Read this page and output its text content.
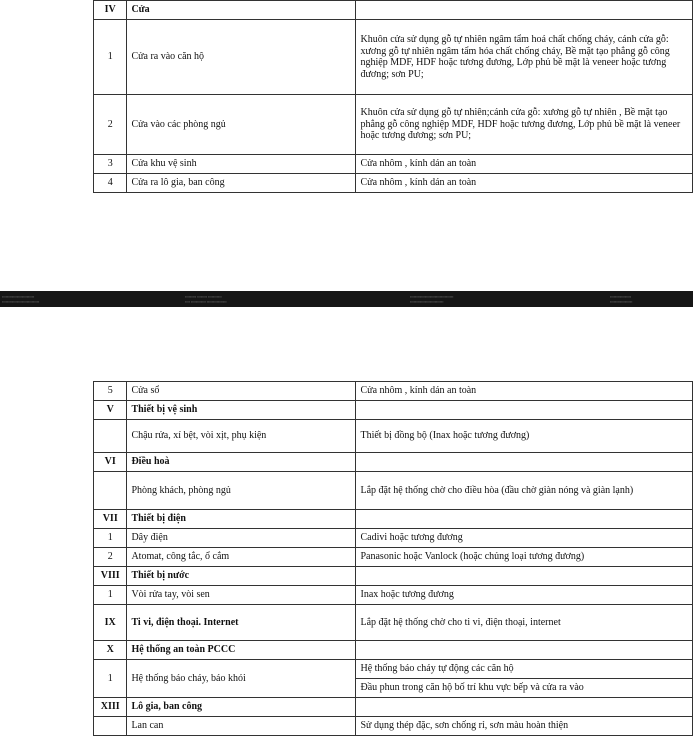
IV	Cửa	
1	Cửa ra vào căn hộ	Khuôn cửa sử dụng gỗ tự nhiên ngâm tẩm hoá chất chống cháy, cánh cửa gỗ: xương gỗ tự nhiên ngâm tẩm hóa chất chống cháy, Bề mặt tạo phẳng gỗ công nghiệp MDF, HDF hoặc tương đương, Lớp phủ bề mặt là veneer hoặc tương đương; sơn PU;
2	Cửa vào các phòng ngủ	Khuôn cửa sử dụng gỗ tự nhiên;cánh cửa gỗ: xương gỗ tự nhiên , Bề mặt tạo phẳng gỗ công nghiệp MDF, HDF hoặc tương đương, Lớp phủ bề mặt là veneer hoặc tương đương; sơn PU;
3	Cửa khu vệ sinh	Cửa nhôm , kính dán an toàn
4	Cửa ra lô gia, ban công	Cửa nhôm , kính dán an toàn
▪▪▪▪▪▪▪▪▪▪▪▪▪▪▪▪▪▪▪▪▪▪▪▪▪▪
▪▪▪▪▪▪▪▪▪▪▪▪▪▪▪▪▪▪▪▪▪▪▪▪▪▪▪▪▪▪
▪▪▪▪▪▪▪▪▪ ▪▪▪▪▪▪▪▪ ▪▪▪▪▪▪▪▪▪▪▪
▪▪▪▪ ▪▪▪▪▪▪▪▪▪▪▪▪ ▪▪▪▪▪▪▪▪▪▪▪▪▪▪▪▪
▪▪▪▪▪▪▪▪▪▪▪▪▪▪▪▪▪▪▪▪▪▪▪▪▪▪▪▪▪▪▪▪▪▪▪
▪▪▪▪▪▪▪▪▪▪▪▪▪▪▪▪▪▪▪▪▪▪▪▪▪▪▪
▪▪▪▪▪▪▪▪▪▪▪▪▪▪▪▪▪
▪▪▪▪▪▪▪▪▪▪▪▪▪▪▪▪▪▪
5	Cửa sổ	Cửa nhôm , kính dán an toàn
V	Thiết bị vệ sinh	
	Chậu rửa, xí bệt, vòi xịt, phụ kiện	Thiết bị đồng bộ (Inax hoặc tương đương)
VI	Điều hoà	
	Phòng khách, phòng ngủ	Lắp đặt hệ thống chờ cho điều hòa (đầu chờ giàn nóng và giàn lạnh)
VII	Thiết bị điện	
1	Dây điện	Cadivi hoặc tương đương
2	Atomat, công tắc, ổ cắm	Panasonic hoặc Vanlock (hoặc chủng loại tương đương)
VIII	Thiết bị nước	
1	Vòi rửa tay, vòi sen	Inax hoặc tương đương
IX	Ti vi, điện thoại. Internet	Lắp đặt hệ thống chờ cho ti vi, điện thoại, internet
X	Hệ thống an toàn PCCC	
1	Hệ thống báo cháy, báo khói	Hệ thống báo cháy tự động các căn hộ
		Đầu phun trong căn hộ bố trí khu vực bếp và cửa ra vào
XIII	Lô gia, ban công	
	Lan can	Sử dụng thép đặc, sơn chống rỉ, sơn màu hoàn thiện
